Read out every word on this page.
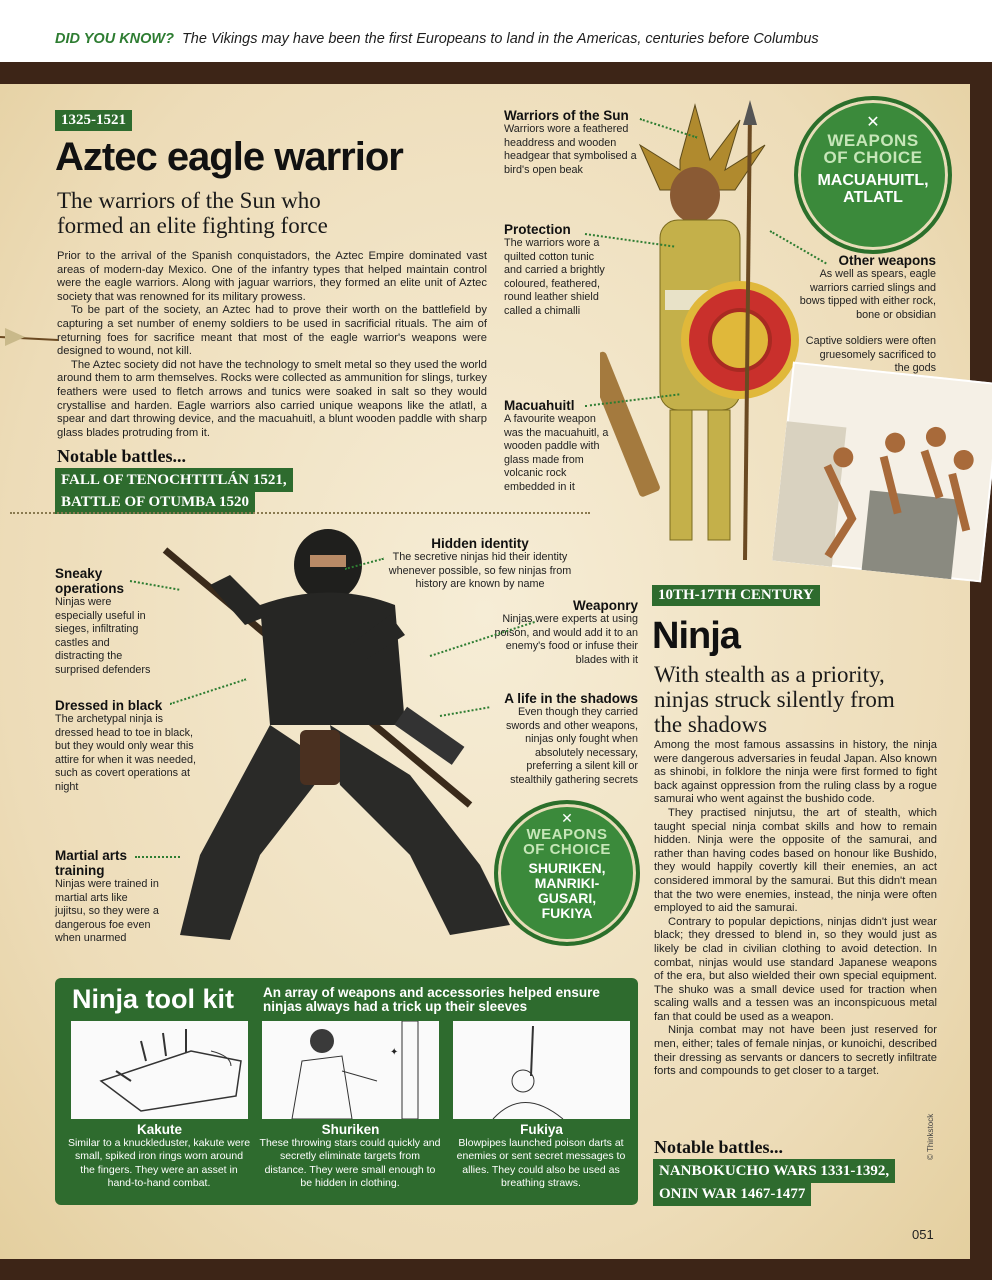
DID YOU KNOW? The Vikings may have been the first Europeans to land in the Americas, centuries before Columbus
1325-1521
Aztec eagle warrior
The warriors of the Sun who
formed an elite fighting force

Prior to the arrival of the Spanish conquistadors, the Aztec Empire dominated vast areas of modern-day Mexico. One of the infantry types that helped maintain control were the eagle warriors. Along with jaguar warriors, they formed an elite unit of Aztec society that was renowned for its military prowess.

To be part of the society, an Aztec had to prove their worth on the battlefield by capturing a set number of enemy soldiers to be used in sacrificial rituals. The aim of returning foes for sacrifice meant that most of the eagle warrior's weapons were designed to wound, not kill.

The Aztec society did not have the technology to smelt metal so they used the world around them to arm themselves. Rocks were collected as ammunition for slings, turkey feathers were used to fletch arrows and tunics were soaked in salt so they would crystallise and harden. Eagle warriors also carried unique weapons like the atlatl, a spear and dart throwing device, and the macuahuitl, a blunt wooden paddle with sharp glass blades protruding from it.

Notable battles...
FALL OF TENOCHTITLÁN 1521,
BATTLE OF OTUMBA 1520
Warriors of the Sun
Warriors wore a feathered headdress and wooden headgear that symbolised a bird's open beak
Protection
The warriors wore a quilted cotton tunic and carried a brightly coloured, feathered, round leather shield called a chimalli
Macuahuitl
A favourite weapon was the macuahuitl, a wooden paddle with glass made from volcanic rock embedded in it
✕
WEAPONS
OF CHOICE
MACUAHUITL,
ATLATL
Other weapons
As well as spears, eagle warriors carried slings and bows tipped with either rock, bone or obsidian
Captive soldiers were often gruesomely sacrificed to the gods
Hidden identity
The secretive ninjas hid their identity whenever possible, so few ninjas from history are known by name
Sneaky operations
Ninjas were especially useful in sieges, infiltrating castles and distracting the surprised defenders
Weaponry
Ninjas were experts at using poison, and would add it to an enemy's food or infuse their blades with it
Dressed in black
The archetypal ninja is dressed head to toe in black, but they would only wear this attire for when it was needed, such as covert operations at night
A life in the shadows
Even though they carried swords and other weapons, ninjas only fought when absolutely necessary, preferring a silent kill or stealthily gathering secrets
Martial arts training
Ninjas were trained in martial arts like jujitsu, so they were a dangerous foe even when unarmed
✕
WEAPONS
OF CHOICE
SHURIKEN,
MANRIKI-
GUSARI,
FUKIYA
10TH-17TH CENTURY
Ninja
With stealth as a priority,
ninjas struck silently from
the shadows

Among the most famous assassins in history, the ninja were dangerous adversaries in feudal Japan. Also known as shinobi, in folklore the ninja were first formed to fight back against oppression from the ruling class by a rogue samurai who went against the bushido code.

They practised ninjutsu, the art of stealth, which taught special ninja combat skills and how to remain hidden. Ninja were the opposite of the samurai, and rather than having codes based on honour like Bushido, they would happily covertly kill their enemies, an act considered immoral by the samurai. But this didn't mean that the two were enemies, instead, the ninja were often employed to aid the samurai.

Contrary to popular depictions, ninjas didn't just wear black; they dressed to blend in, so they would just as likely be clad in civilian clothing to avoid detection. In combat, ninjas would use standard Japanese weapons of the era, but also wielded their own special equipment. The shuko was a small device used for traction when scaling walls and a tessen was an inconspicuous metal fan that could be used as a weapon.

Ninja combat may not have been just reserved for men, either; tales of female ninjas, or kunoichi, described their dressing as servants or dancers to secretly infiltrate forts and compounds to get closer to a target.

Notable battles...
NANBOKUCHO WARS 1331-1392,
ONIN WAR 1467-1477
Ninja tool kit An array of weapons and accessories helped ensure ninjas always had a trick up their sleeves
✦
Kakute	Shuriken	Fukiya
Similar to a knuckleduster, kakute were small, spiked iron rings worn around the fingers. They were an asset in hand-to-hand combat.
These throwing stars could quickly and secretly eliminate targets from distance. They were small enough to be hidden in clothing.
Blowpipes launched poison darts at enemies or sent secret messages to allies. They could also be used as breathing straws.
© Thinkstock
051
